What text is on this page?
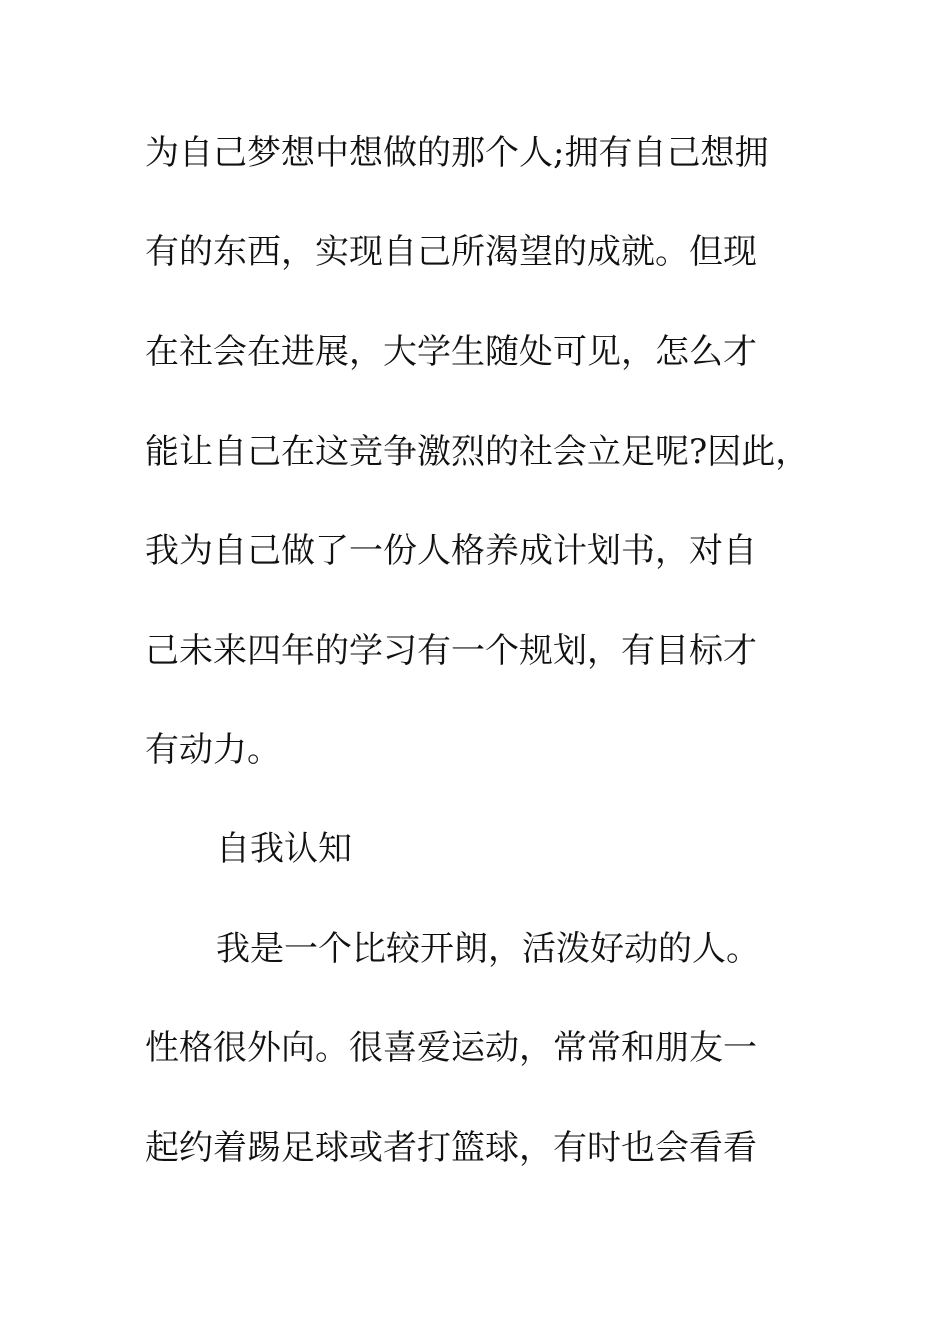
为自己梦想中想做的那个人;拥有自己想拥
有的东西，实现自己所渴望的成就。但现
在社会在进展，大学生随处可见，怎么才
能让自己在这竞争激烈的社会立足呢?因此，
我为自己做了一份人格养成计划书，对自
己未来四年的学习有一个规划，有目标才
有动力。
自我认知
我是一个比较开朗，活泼好动的人。
性格很外向。很喜爱运动，常常和朋友一
起约着踢足球或者打篮球，有时也会看看
